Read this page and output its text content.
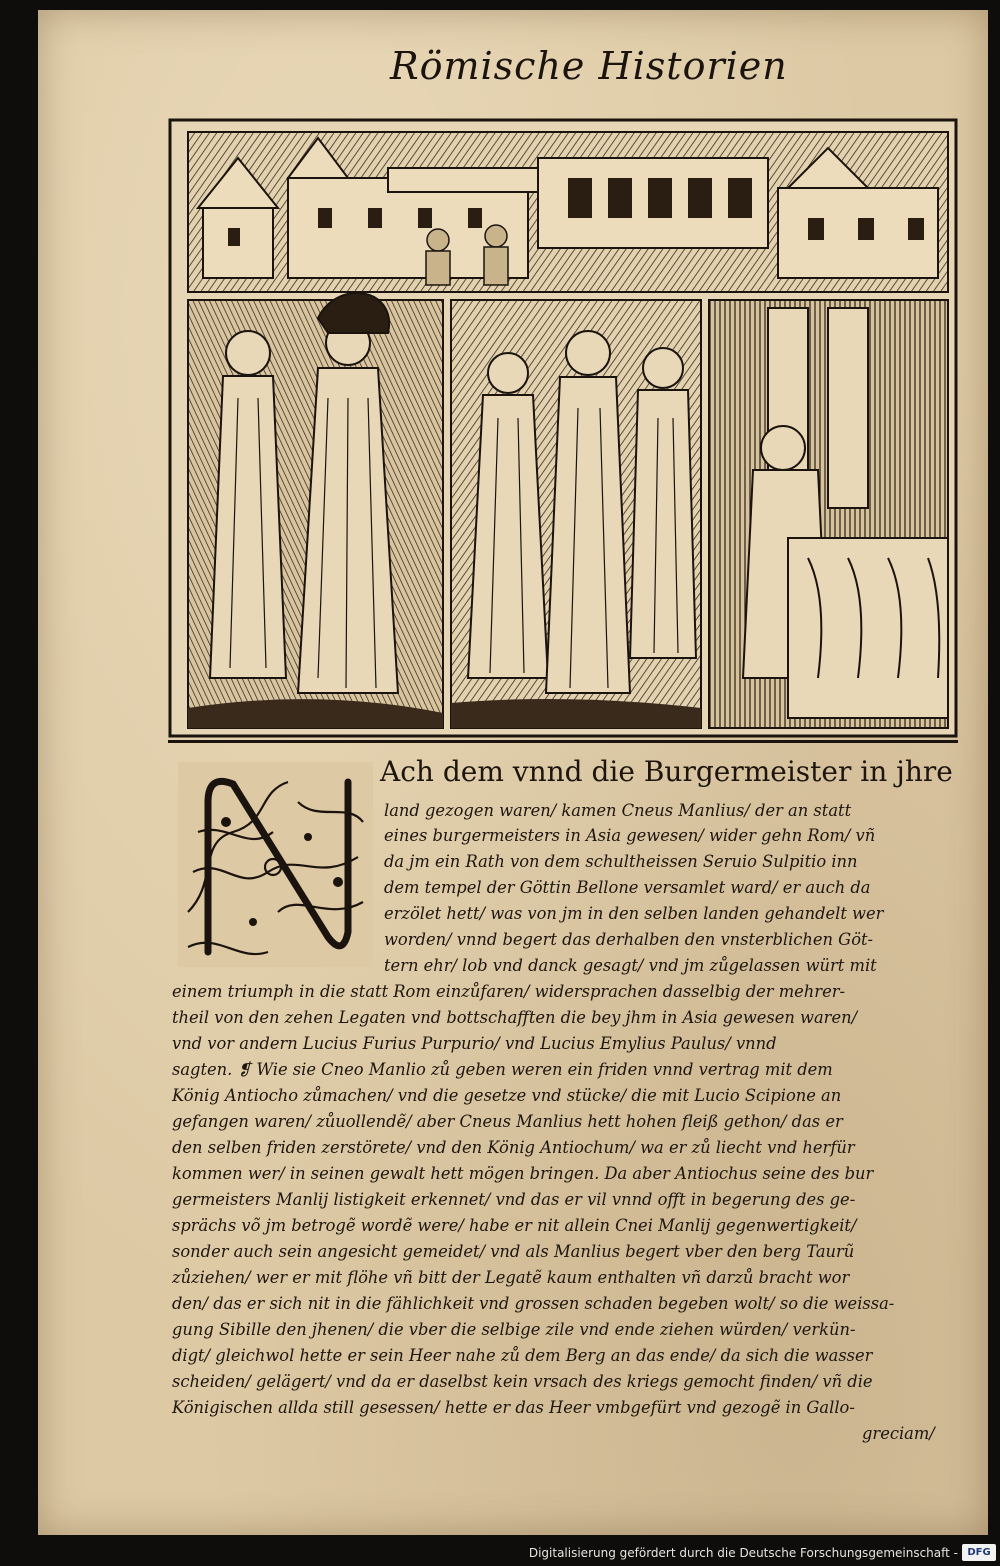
Römische Historien
Ach dem vnnd die Burgermeister in jhre
land gezogen waren/ kamen Cneus Manlius/ der an statt
eines burgermeisters in Asia gewesen/ wider gehn Rom/ vñ
da jm ein Rath von dem schultheissen Seruio Sulpitio inn
dem tempel der Göttin Bellone versamlet ward/ er auch da
erzölet hett/ was von jm in den selben landen gehandelt wer
worden/ vnnd begert das derhalben den vnsterblichen Göt-
tern ehr/ lob vnd danck gesagt/ vnd jm zůgelassen würt mit
einem triumph in die statt Rom einzůfaren/ widersprachen dasselbig der mehrer-
theil von den zehen Legaten vnd bottschafften die bey jhm in Asia gewesen waren/
vnd vor andern Lucius Furius Purpurio/ vnd Lucius Emylius Paulus/ vnnd
sagten. ❡ Wie sie Cneo Manlio zů geben weren ein friden vnnd vertrag mit dem
König Antiocho zůmachen/ vnd die gesetze vnd stücke/ die mit Lucio Scipione an
gefangen waren/ zůuollendẽ/ aber Cneus Manlius hett hohen fleiß gethon/ das er
den selben friden zerstörete/ vnd den König Antiochum/ wa er zů liecht vnd herfür
kommen wer/ in seinen gewalt hett mögen bringen. Da aber Antiochus seine des bur
germeisters Manlij listigkeit erkennet/ vnd das er vil vnnd offt in begerung des ge-
sprächs võ jm betrogẽ wordẽ were/ habe er nit allein Cnei Manlij gegenwertigkeit/
sonder auch sein angesicht gemeidet/ vnd als Manlius begert vber den berg Taurũ
zůziehen/ wer er mit flöhe vñ bitt der Legatẽ kaum enthalten vñ darzů bracht wor
den/ das er sich nit in die fählichkeit vnd grossen schaden begeben wolt/ so die weissa-
gung Sibille den jhenen/ die vber die selbige zile vnd ende ziehen würden/ verkün-
digt/ gleichwol hette er sein Heer nahe zů dem Berg an das ende/ da sich die wasser
scheiden/ gelägert/ vnd da er daselbst kein vrsach des kriegs gemocht finden/ vñ die
Königischen allda still gesessen/ hette er das Heer vmbgefürt vnd gezogẽ in Gallo-
greciam/
Digitalisierung gefördert durch die Deutsche Forschungsgemeinschaft - DFG
